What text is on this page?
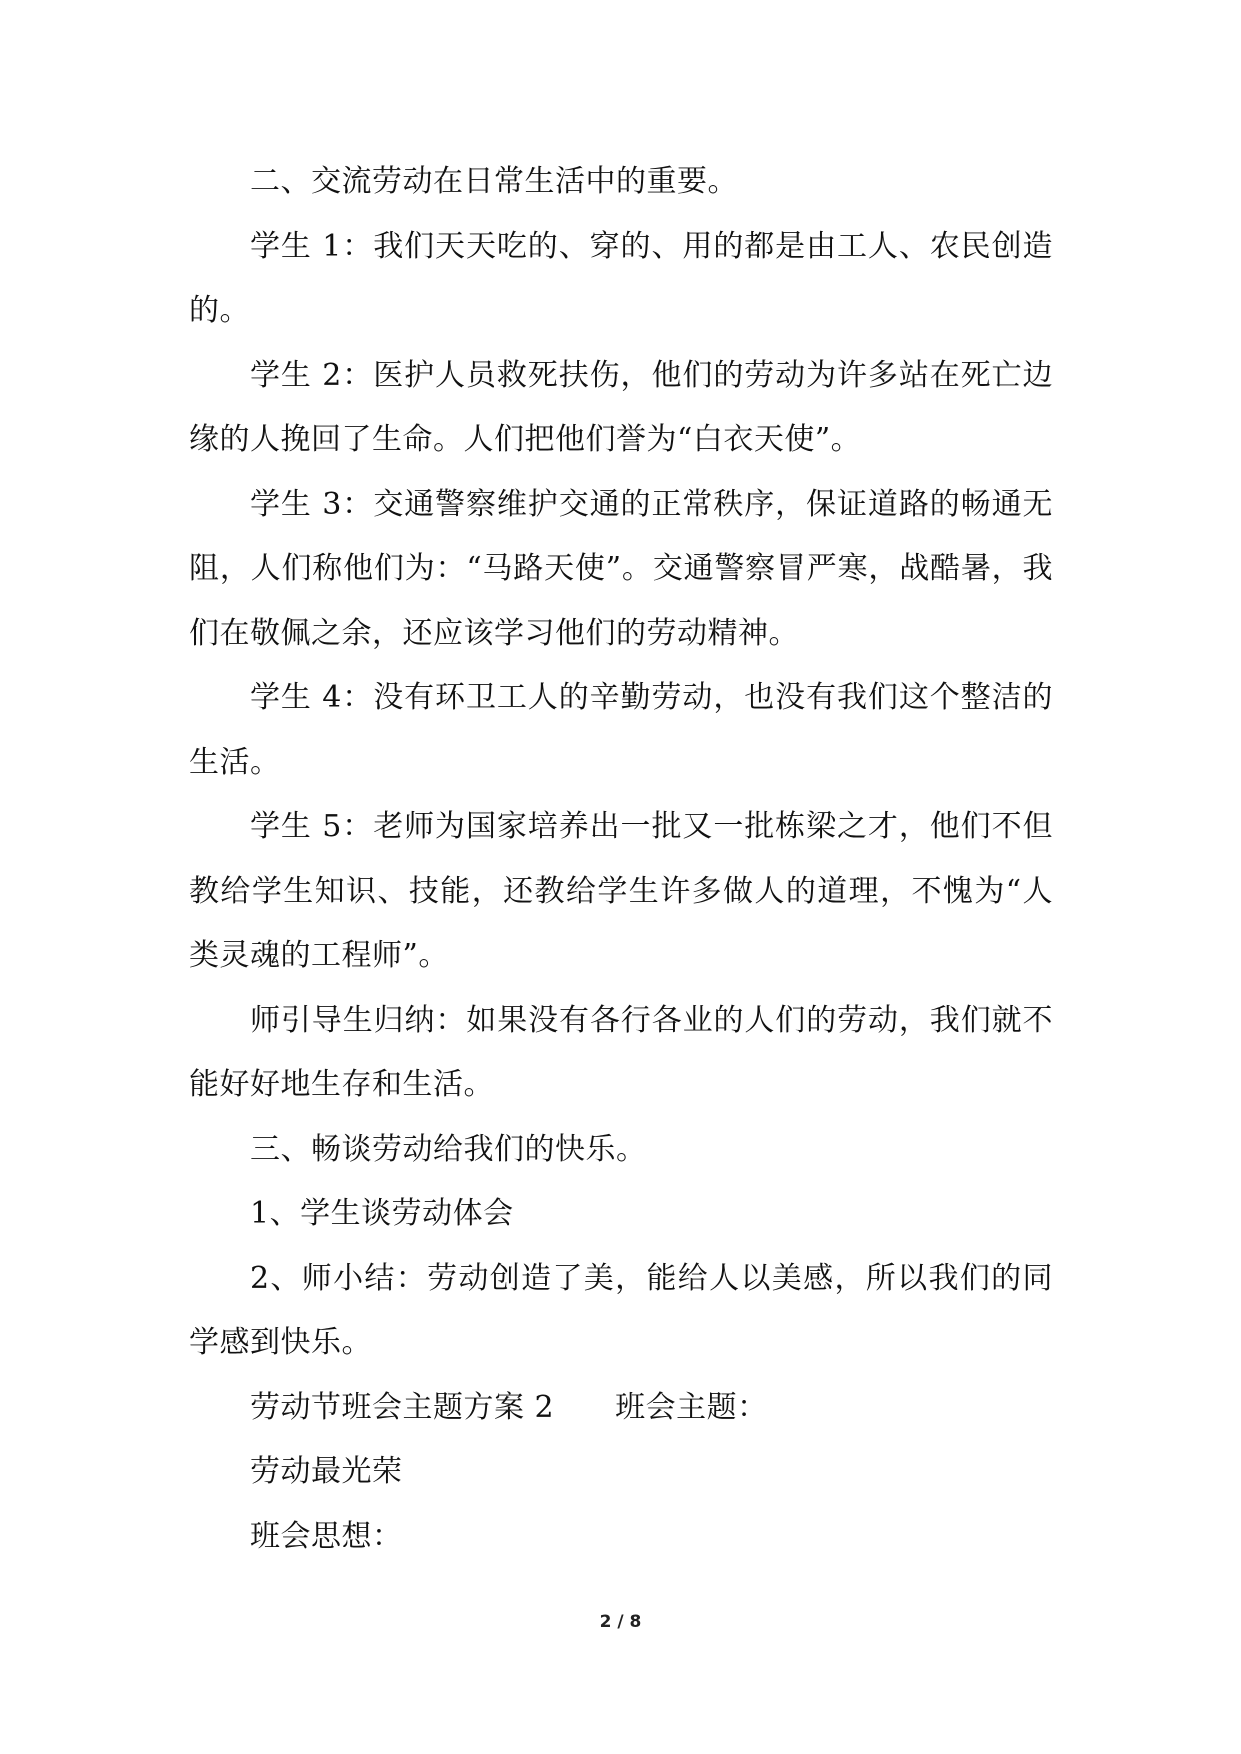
二、交流劳动在日常生活中的重要。

学生 1：我们天天吃的、穿的、用的都是由工人、农民创造的。

学生 2：医护人员救死扶伤，他们的劳动为许多站在死亡边缘的人挽回了生命。人们把他们誉为“白衣天使”。

学生 3：交通警察维护交通的正常秩序，保证道路的畅通无阻，人们称他们为：“马路天使”。交通警察冒严寒，战酷暑，我们在敬佩之余，还应该学习他们的劳动精神。

学生 4：没有环卫工人的辛勤劳动，也没有我们这个整洁的生活。

学生 5：老师为国家培养出一批又一批栋梁之才，他们不但教给学生知识、技能，还教给学生许多做人的道理，不愧为“人类灵魂的工程师”。

师引导生归纳：如果没有各行各业的人们的劳动，我们就不能好好地生存和生活。

三、畅谈劳动给我们的快乐。

1、学生谈劳动体会

2、师小结：劳动创造了美，能给人以美感，所以我们的同学感到快乐。

劳动节班会主题方案 2　　班会主题：

劳动最光荣

班会思想：

2 / 8
